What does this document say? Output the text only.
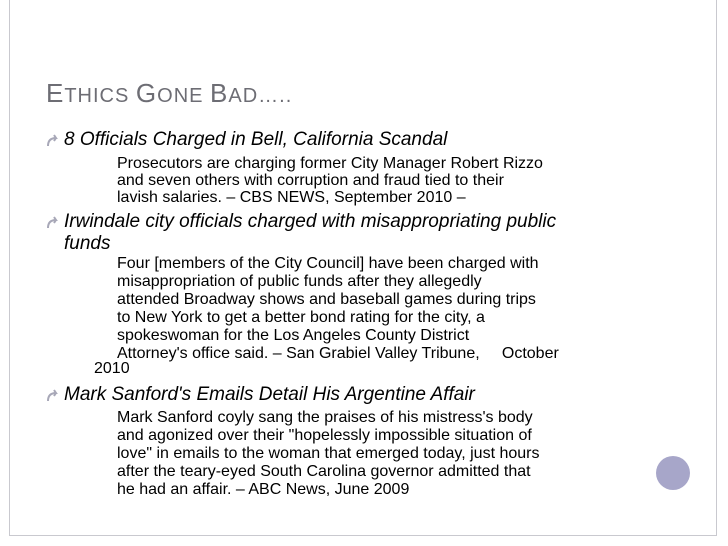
ETHICS GONE BAD…..
8 Officials Charged in Bell, California Scandal
Prosecutors are charging former City Manager Robert Rizzo
and seven others with corruption and fraud tied to their
lavish salaries. – CBS NEWS, September 2010 –
Irwindale city officials charged with misappropriating public
funds
Four [members of the City Council] have been charged with
misappropriation of public funds after they allegedly
attended Broadway shows and baseball games during trips
to New York to get a better bond rating for the city, a
spokeswoman for the Los Angeles County District
Attorney's office said. – San Grabiel Valley Tribune,     October
2010
Mark Sanford's Emails Detail His Argentine Affair
Mark Sanford coyly sang the praises of his mistress's body
and agonized over their "hopelessly impossible situation of
love" in emails to the woman that emerged today, just hours
after the teary-eyed South Carolina governor admitted that
he had an affair. – ABC News, June 2009
